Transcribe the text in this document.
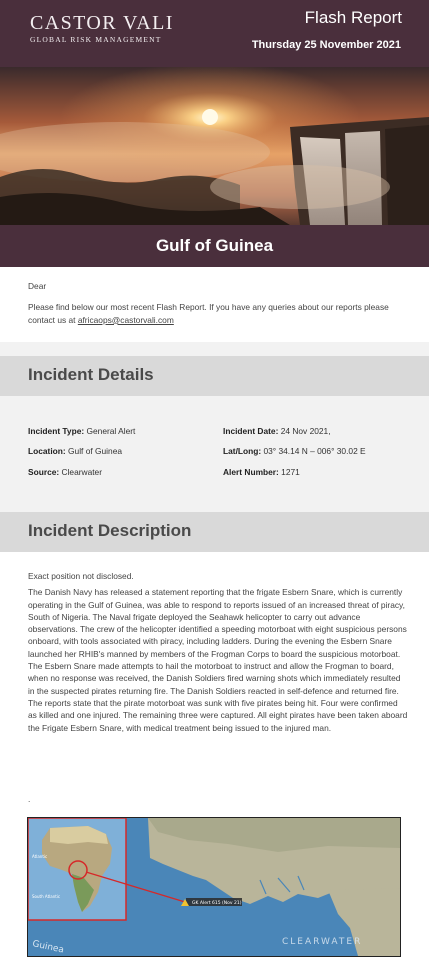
CASTOR VALI
GLOBAL RISK MANAGEMENT
Flash Report
Thursday 25 November 2021
Gulf of Guinea
Dear
Please find below our most recent Flash Report. If you have any queries about our reports please contact us at africaops@castorvali.com
Incident Details
Incident Type: General Alert
Location: Gulf of Guinea
Source: Clearwater
Incident Date: 24 Nov 2021,
Lat/Long: 03° 34.14 N – 006° 30.02 E
Alert Number: 1271
Incident Description
Exact position not disclosed.
The Danish Navy has released a statement reporting that the frigate Esbern Snare, which is currently operating in the Gulf of Guinea, was able to respond to reports issued of an increased threat of piracy, South of Nigeria. The Naval frigate deployed the Seahawk helicopter to carry out advance observations. The crew of the helicopter identified a speeding motorboat with eight suspicious persons onboard, with tools associated with piracy, including ladders. During the evening the Esbern Snare launched her RHIB's manned by members of the Frogman Corps to board the suspicious motorboat. The Esbern Snare made attempts to hail the motorboat to instruct and allow the Frogman to board, when no response was received, the Danish Soldiers fired warning shots which immediately resulted in the suspected pirates returning fire. The Danish Soldiers reacted in self-defence and returned fire. The reports state that the pirate motorboat was sunk with five pirates being hit. Four were confirmed as killed and one injured. The remaining three were captured. All eight pirates have been taken aboard the Frigate Esbern Snare, with medical treatment being issued to the injured man.
.
South Atlantic
Atlantic
GK Alert 615 (Nov 21)
Guinea	CLEARWATER
